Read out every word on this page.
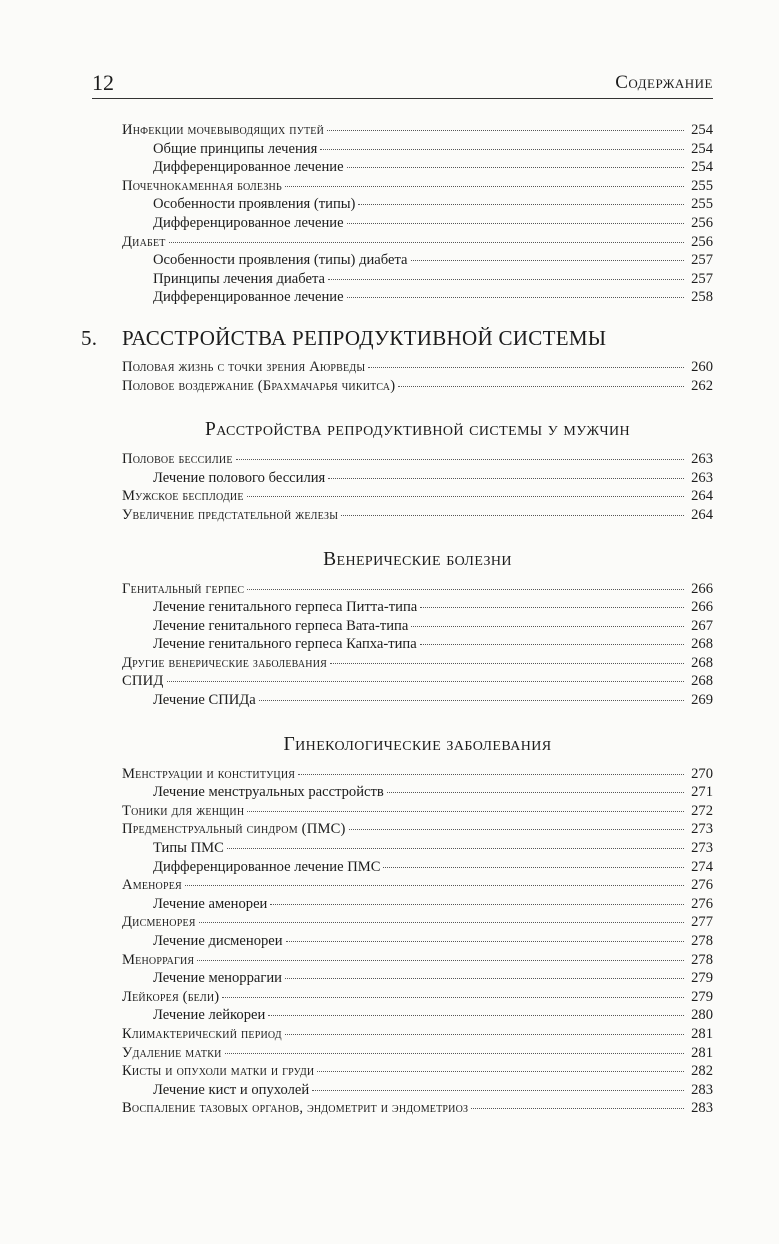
12	Содержание
Инфекции мочевыводящих путей	254
Общие принципы лечения	254
Дифференцированное лечение	254
Почечнокаменная болезнь	255
Особенности проявления (типы)	255
Дифференцированное лечение	256
Диабет	256
Особенности проявления (типы) диабета	257
Принципы лечения диабета	257
Дифференцированное лечение	258
5.	РАССТРОЙСТВА РЕПРОДУКТИВНОЙ СИСТЕМЫ
Половая жизнь с точки зрения Аюрведы	260
Половое воздержание (Брахмачарья чикитса)	262
Расстройства репродуктивной системы у мужчин
Половое бессилие	263
Лечение полового бессилия	263
Мужское бесплодие	264
Увеличение предстательной железы	264
Венерические болезни
Генитальный герпес	266
Лечение генитального герпеса Питта-типа	266
Лечение генитального герпеса Вата-типа	267
Лечение генитального герпеса Капха-типа	268
Другие венерические заболевания	268
СПИД	268
Лечение СПИДа	269
Гинекологические заболевания
Менструации и конституция	270
Лечение менструальных расстройств	271
Тоники для женщин	272
Предменструальный синдром (ПМС)	273
Типы ПМС	273
Дифференцированное лечение ПМС	274
Аменорея	276
Лечение аменореи	276
Дисменорея	277
Лечение дисменореи	278
Меноррагия	278
Лечение меноррагии	279
Лейкорея (бели)	279
Лечение лейкореи	280
Климактерический период	281
Удаление матки	281
Кисты и опухоли матки и груди	282
Лечение кист и опухолей	283
Воспаление тазовых органов, эндометрит и эндометриоз	283
